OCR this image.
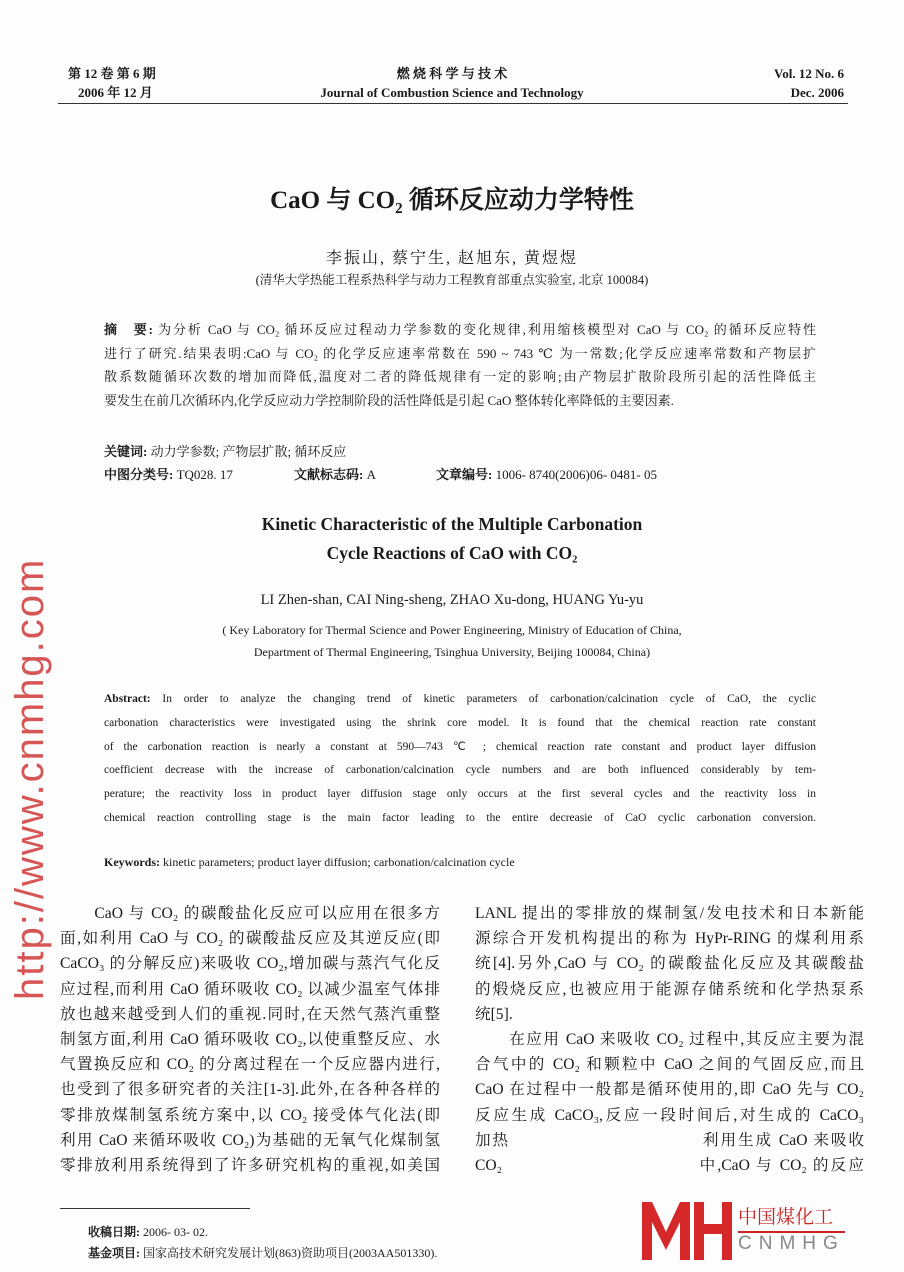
第 12 卷 第 6 期
2006 年 12 月
燃 烧 科 学 与 技 术
Journal of Combustion Science and Technology
Vol. 12 No. 6
Dec. 2006
CaO 与 CO₂ 循环反应动力学特性
李振山, 蔡宁生, 赵旭东, 黄煜煜
(清华大学热能工程系热科学与动力工程教育部重点实验室, 北京 100084)
摘　要: 为分析 CaO 与 CO₂ 循环反应过程动力学参数的变化规律,利用缩核模型对 CaO 与 CO₂ 的循环反应特性
进行了研究.结果表明:CaO 与 CO₂ 的化学反应速率常数在 590 ~ 743 ℃ 为一常数;化学反应速率常数和产物层扩
散系数随循环次数的增加而降低,温度对二者的降低规律有一定的影响;由产物层扩散阶段所引起的活性降低主
要发生在前几次循环内,化学反应动力学控制阶段的活性降低是引起 CaO 整体转化率降低的主要因素.
关键词: 动力学参数; 产物层扩散; 循环反应
中图分类号: TQ028. 17	文献标志码: A	文章编号: 1006- 8740(2006)06- 0481- 05
Kinetic Characteristic of the Multiple Carbonation
Cycle Reactions of CaO with CO₂
LI Zhen-shan, CAI Ning-sheng, ZHAO Xu-dong, HUANG Yu-yu
( Key Laboratory for Thermal Science and Power Engineering, Ministry of Education of China,
Department of Thermal Engineering, Tsinghua University, Beijing 100084, China)
Abstract: In order to analyze the changing trend of kinetic parameters of carbonation/calcination cycle of CaO, the cyclic
carbonation characteristics were investigated using the shrink core model. It is found that the chemical reaction rate constant
of the carbonation reaction is nearly a constant at 590—743 ℃ ; chemical reaction rate constant and product layer diffusion
coefficient decrease with the increase of carbonation/calcination cycle numbers and are both influenced considerably by tem-
perature; the reactivity loss in product layer diffusion stage only occurs at the first several cycles and the reactivity loss in
chemical reaction controlling stage is the main factor leading to the entire decreasie of CaO cyclic carbonation conversion.
Keywords: kinetic parameters; product layer diffusion; carbonation/calcination cycle
　　CaO 与 CO₂ 的碳酸盐化反应可以应用在很多方
面,如利用 CaO 与 CO₂ 的碳酸盐反应及其逆反应(即
CaCO₃ 的分解反应)来吸收 CO₂,增加碳与蒸汽气化反
应过程,而利用 CaO 循环吸收 CO₂ 以减少温室气体排
放也越来越受到人们的重视.同时,在天然气蒸汽重整
制氢方面,利用 CaO 循环吸收 CO₂,以使重整反应、水
气置换反应和 CO₂ 的分离过程在一个反应器内进行,
也受到了很多研究者的关注[1-3].此外,在各种各样的
零排放煤制氢系统方案中,以 CO₂ 接受体气化法(即
利用 CaO 来循环吸收 CO₂)为基础的无氧气化煤制氢
零排放利用系统得到了许多研究机构的重视,如美国
LANL 提出的零排放的煤制氢/发电技术和日本新能
源综合开发机构提出的称为 HyPr-RING 的煤利用系
统[4].另外,CaO 与 CO₂ 的碳酸盐化反应及其碳酸盐
的煅烧反应,也被应用于能源存储系统和化学热泵系
统[5].
　　在应用 CaO 来吸收 CO₂ 过程中,其反应主要为混
合气中的 CO₂ 和颗粒中 CaO 之间的气固反应,而且
CaO 在过程中一般都是循环使用的,即 CaO 先与 CO₂
反应生成 CaCO₃,反应一段时间后,对生成的 CaCO₃
加热　　　　　　　　　　　利用生成 CaO 来吸收
CO₂　　　　　　　　　　　中,CaO 与 CO₂ 的反应
收稿日期: 2006- 03- 02.
基金项目: 国家高技术研究发展计划(863)资助项目(2003AA501330).
http://www.cnmhg.com
中国煤化工
CNMHG
